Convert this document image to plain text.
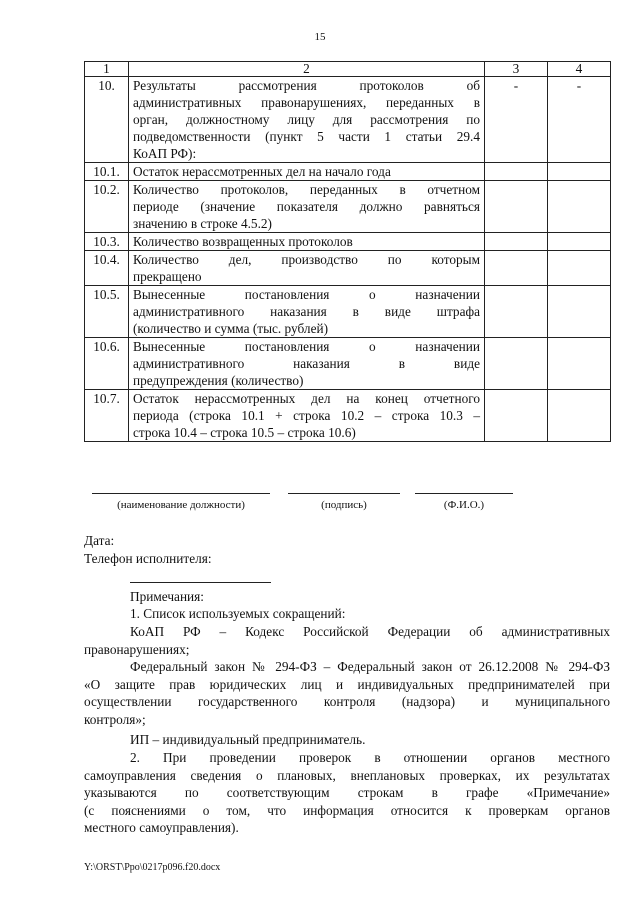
15
1	2	3	4
10.	Результаты рассмотрения протоколов об
административных правонарушениях, переданных в
орган, должностному лицу для рассмотрения по
подведомственности (пункт 5 части 1 статьи 29.4
КоАП РФ):	-	-
10.1.	Остаток нерассмотренных дел на начало года		

10.2.	Количество протоколов, переданных в отчетном
периоде (значение показателя должно равняться
значению в строке 4.5.2)		

10.3.	Количество возвращенных протоколов		

10.4.	Количество дел, производство по которым
прекращено		

10.5.	Вынесенные постановления о назначении
административного наказания в виде штрафа
(количество и сумма (тыс. рублей)		

10.6.	Вынесенные постановления о назначении
административного наказания в виде
предупреждения (количество)		

10.7.	Остаток нерассмотренных дел на конец отчетного
периода (строка 10.1 + строка 10.2 – строка 10.3 –
строка 10.4 – строка 10.5 – строка 10.6)		

(наименование должности)	(подпись)	(Ф.И.О.)
Дата:
Телефон исполнителя:
Примечания:
1. Список используемых сокращений:
КоАП РФ – Кодекс Российской Федерации об административных
правонарушениях;
Федеральный закон № 294-ФЗ – Федеральный закон от 26.12.2008 № 294-ФЗ
«О защите прав юридических лиц и индивидуальных предпринимателей при
осуществлении государственного контроля (надзора) и муниципального
контроля»;
ИП – индивидуальный предприниматель.
2. При проведении проверок в отношении органов местного
самоуправления сведения о плановых, внеплановых проверках, их результатах
указываются по соответствующим строкам в графе «Примечание»
(с пояснениями о том, что информация относится к проверкам органов
местного самоуправления).
Y:\ORST\Ppo\0217p096.f20.docx
